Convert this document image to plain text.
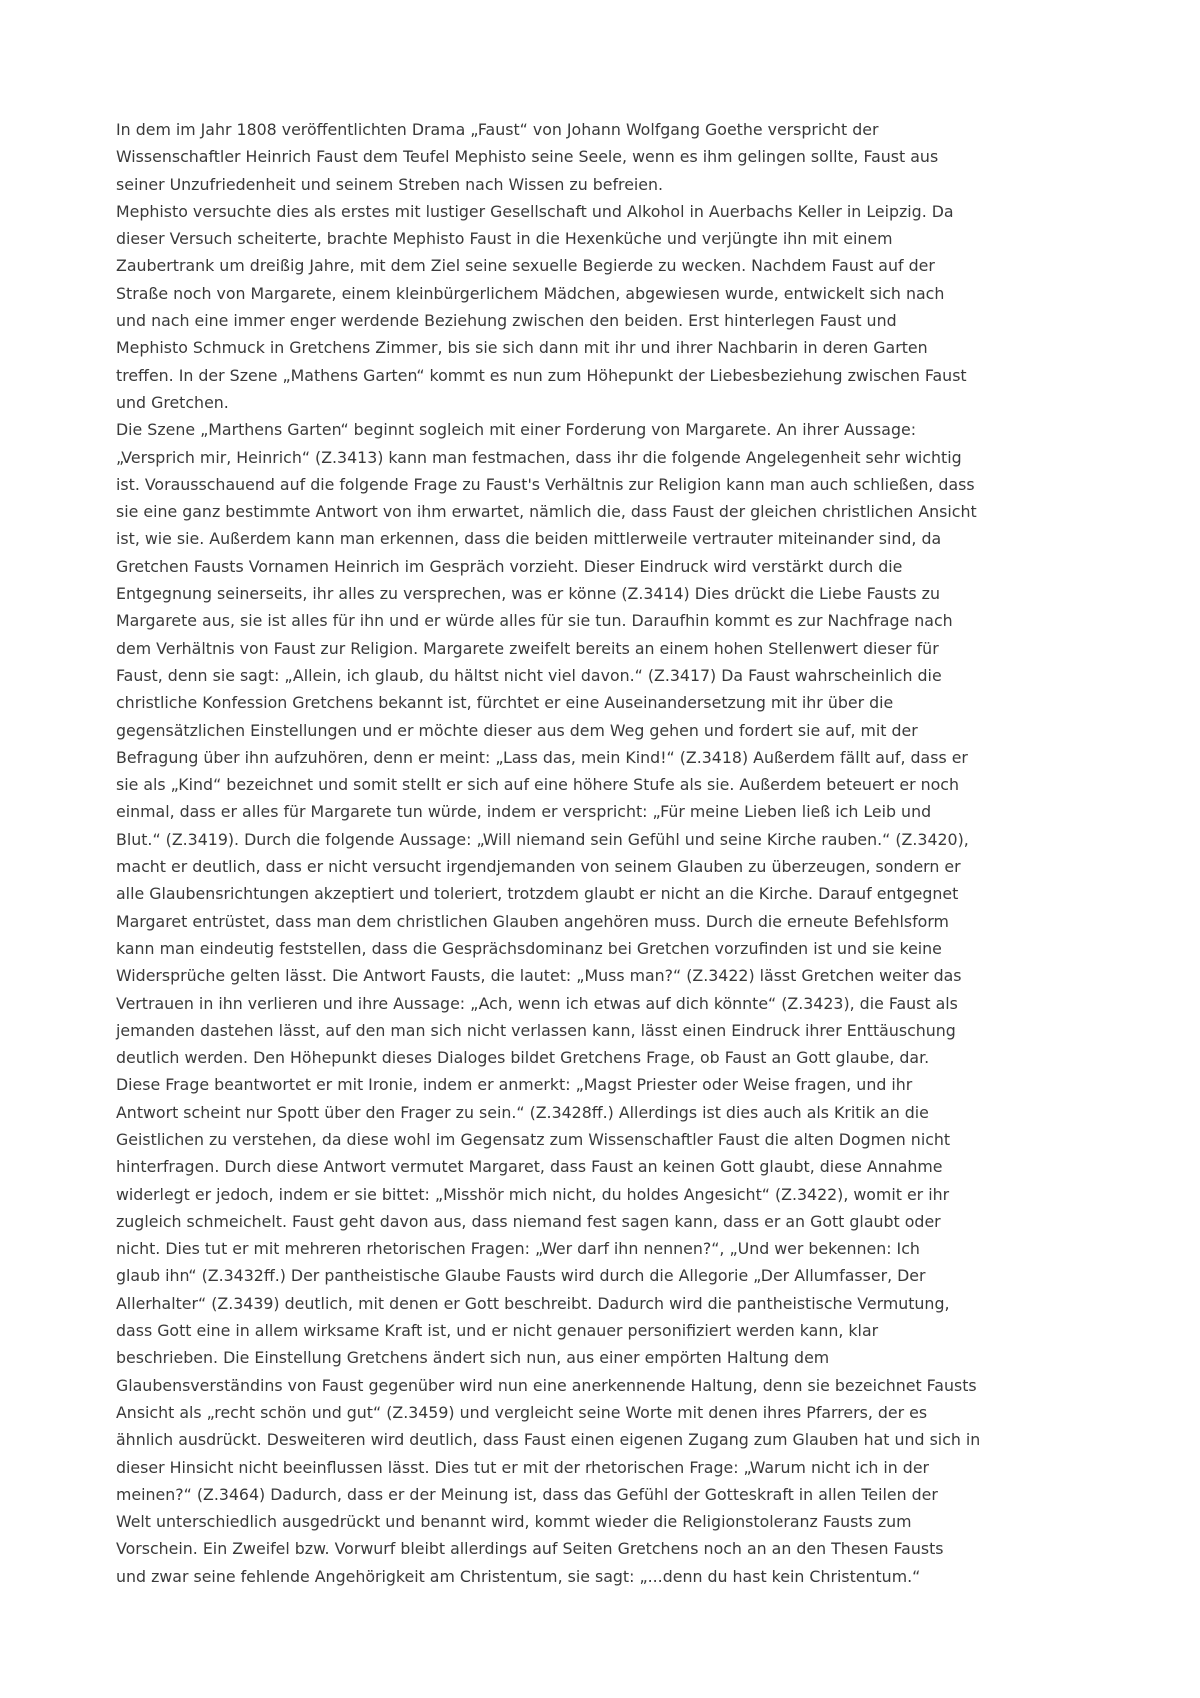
In dem im Jahr 1808 veröffentlichten Drama „Faust“ von Johann Wolfgang Goethe verspricht der
Wissenschaftler Heinrich Faust dem Teufel Mephisto seine Seele, wenn es ihm gelingen sollte, Faust aus
seiner Unzufriedenheit und seinem Streben nach Wissen zu befreien.
Mephisto versuchte dies als erstes mit lustiger Gesellschaft und Alkohol in Auerbachs Keller in Leipzig. Da
dieser Versuch scheiterte, brachte Mephisto Faust in die Hexenküche und verjüngte ihn mit einem
Zaubertrank um dreißig Jahre, mit dem Ziel seine sexuelle Begierde zu wecken. Nachdem Faust auf der
Straße noch von Margarete, einem kleinbürgerlichem Mädchen, abgewiesen wurde, entwickelt sich nach
und nach eine immer enger werdende Beziehung zwischen den beiden. Erst hinterlegen Faust und
Mephisto Schmuck in Gretchens Zimmer, bis sie sich dann mit ihr und ihrer Nachbarin in deren Garten
treffen. In der Szene „Mathens Garten“ kommt es nun zum Höhepunkt der Liebesbeziehung zwischen Faust
und Gretchen.
Die Szene „Marthens Garten“ beginnt sogleich mit einer Forderung von Margarete. An ihrer Aussage:
„Versprich mir, Heinrich“ (Z.3413) kann man festmachen, dass ihr die folgende Angelegenheit sehr wichtig
ist. Vorausschauend auf die folgende Frage zu Faust's Verhältnis zur Religion kann man auch schließen, dass
sie eine ganz bestimmte Antwort von ihm erwartet, nämlich die, dass Faust der gleichen christlichen Ansicht
ist, wie sie. Außerdem kann man erkennen, dass die beiden mittlerweile vertrauter miteinander sind, da
Gretchen Fausts Vornamen Heinrich im Gespräch vorzieht. Dieser Eindruck wird verstärkt durch die
Entgegnung seinerseits, ihr alles zu versprechen, was er könne (Z.3414) Dies drückt die Liebe Fausts zu
Margarete aus, sie ist alles für ihn und er würde alles für sie tun. Daraufhin kommt es zur Nachfrage nach
dem Verhältnis von Faust zur Religion. Margarete zweifelt bereits an einem hohen Stellenwert dieser für
Faust, denn sie sagt: „Allein, ich glaub, du hältst nicht viel davon.“ (Z.3417) Da Faust wahrscheinlich die
christliche Konfession Gretchens bekannt ist, fürchtet er eine Auseinandersetzung mit ihr über die
gegensätzlichen Einstellungen und er möchte dieser aus dem Weg gehen und fordert sie auf, mit der
Befragung über ihn aufzuhören, denn er meint: „Lass das, mein Kind!“ (Z.3418) Außerdem fällt auf, dass er
sie als „Kind“ bezeichnet und somit stellt er sich auf eine höhere Stufe als sie. Außerdem beteuert er noch
einmal, dass er alles für Margarete tun würde, indem er verspricht: „Für meine Lieben ließ ich Leib und
Blut.“ (Z.3419). Durch die folgende Aussage: „Will niemand sein Gefühl und seine Kirche rauben.“ (Z.3420),
macht er deutlich, dass er nicht versucht irgendjemanden von seinem Glauben zu überzeugen, sondern er
alle Glaubensrichtungen akzeptiert und toleriert, trotzdem glaubt er nicht an die Kirche. Darauf entgegnet
Margaret entrüstet, dass man dem christlichen Glauben angehören muss. Durch die erneute Befehlsform
kann man eindeutig feststellen, dass die Gesprächsdominanz bei Gretchen vorzufinden ist und sie keine
Widersprüche gelten lässt. Die Antwort Fausts, die lautet: „Muss man?“ (Z.3422) lässt Gretchen weiter das
Vertrauen in ihn verlieren und ihre Aussage: „Ach, wenn ich etwas auf dich könnte“ (Z.3423), die Faust als
jemanden dastehen lässt, auf den man sich nicht verlassen kann, lässt einen Eindruck ihrer Enttäuschung
deutlich werden. Den Höhepunkt dieses Dialoges bildet Gretchens Frage, ob Faust an Gott glaube, dar.
Diese Frage beantwortet er mit Ironie, indem er anmerkt: „Magst Priester oder Weise fragen, und ihr
Antwort scheint nur Spott über den Frager zu sein.“ (Z.3428ff.) Allerdings ist dies auch als Kritik an die
Geistlichen zu verstehen, da diese wohl im Gegensatz zum Wissenschaftler Faust die alten Dogmen nicht
hinterfragen. Durch diese Antwort vermutet Margaret, dass Faust an keinen Gott glaubt, diese Annahme
widerlegt er jedoch, indem er sie bittet: „Misshör mich nicht, du holdes Angesicht“ (Z.3422), womit er ihr
zugleich schmeichelt. Faust geht davon aus, dass niemand fest sagen kann, dass er an Gott glaubt oder
nicht. Dies tut er mit mehreren rhetorischen Fragen: „Wer darf ihn nennen?“, „Und wer bekennen: Ich
glaub ihn“ (Z.3432ff.) Der pantheistische Glaube Fausts wird durch die Allegorie „Der Allumfasser, Der
Allerhalter“ (Z.3439) deutlich, mit denen er Gott beschreibt. Dadurch wird die pantheistische Vermutung,
dass Gott eine in allem wirksame Kraft ist, und er nicht genauer personifiziert werden kann, klar
beschrieben. Die Einstellung Gretchens ändert sich nun, aus einer empörten Haltung dem
Glaubensverständins von Faust gegenüber wird nun eine anerkennende Haltung, denn sie bezeichnet Fausts
Ansicht als „recht schön und gut“ (Z.3459) und vergleicht seine Worte mit denen ihres Pfarrers, der es
ähnlich ausdrückt. Desweiteren wird deutlich, dass Faust einen eigenen Zugang zum Glauben hat und sich in
dieser Hinsicht nicht beeinflussen lässt. Dies tut er mit der rhetorischen Frage: „Warum nicht ich in der
meinen?“ (Z.3464) Dadurch, dass er der Meinung ist, dass das Gefühl der Gotteskraft in allen Teilen der
Welt unterschiedlich ausgedrückt und benannt wird, kommt wieder die Religionstoleranz Fausts zum
Vorschein. Ein Zweifel bzw. Vorwurf bleibt allerdings auf Seiten Gretchens noch an an den Thesen Fausts
und zwar seine fehlende Angehörigkeit am Christentum, sie sagt: „...denn du hast kein Christentum.“
